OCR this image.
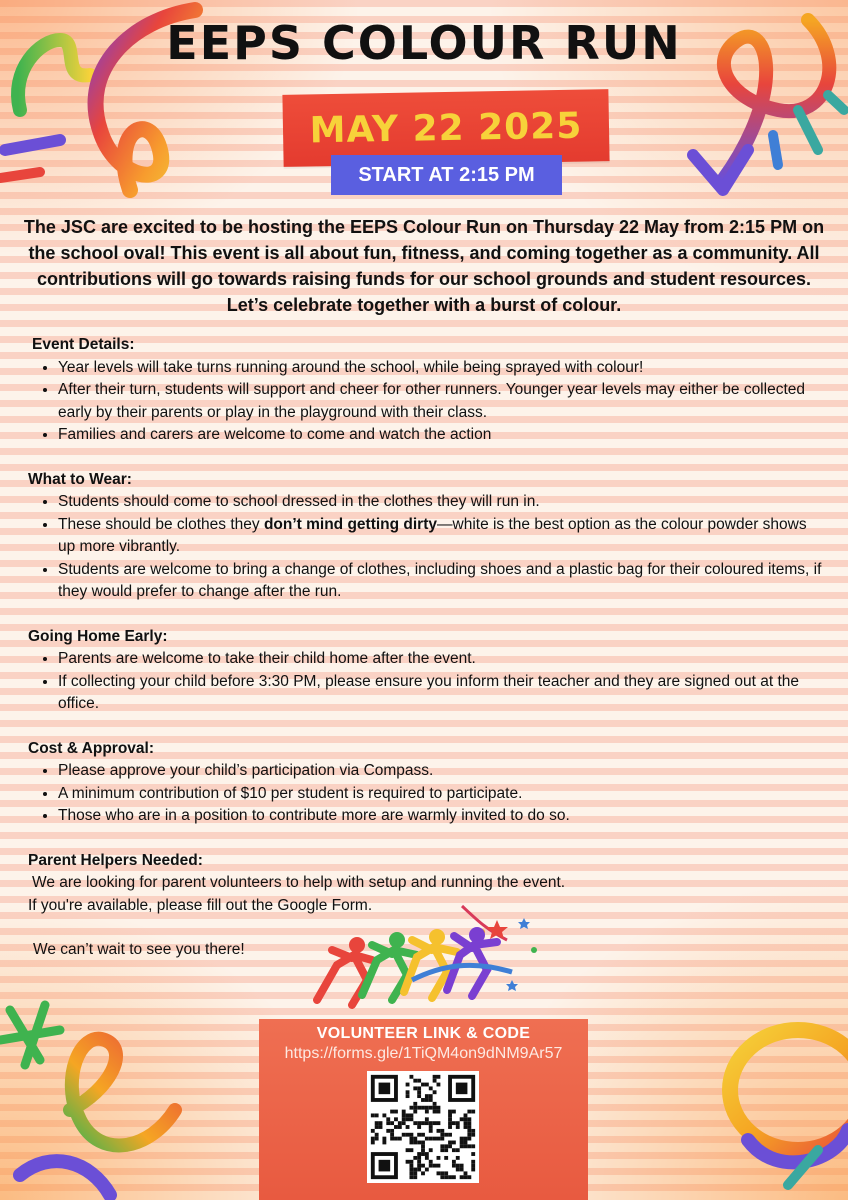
EEPS COLOUR RUN
MAY 22 2025
START AT 2:15 PM

The JSC are excited to be hosting the EEPS Colour Run on Thursday 22 May from 2:15 PM on the school oval! This event is all about fun, fitness, and coming together as a community. All contributions will go towards raising funds for our school grounds and student resources. Let’s celebrate together with a burst of colour.

Event Details:

• Year levels will take turns running around the school, while being sprayed with colour!
• After their turn, students will support and cheer for other runners. Younger year levels may either be collected early by their parents or play in the playground with their class.
• Families and carers are welcome to come and watch the action

What to Wear:

• Students should come to school dressed in the clothes they will run in.
• These should be clothes they don’t mind getting dirty—white is the best option as the colour powder shows up more vibrantly.
• Students are welcome to bring a change of clothes, including shoes and a plastic bag for their coloured items, if they would prefer to change after the run.

Going Home Early:

• Parents are welcome to take their child home after the event.
• If collecting your child before 3:30 PM, please ensure you inform their teacher and they are signed out at the office.

Cost & Approval:

• Please approve your child’s participation via Compass.
• A minimum contribution of $10 per student is required to participate.
• Those who are in a position to contribute more are warmly invited to do so.

Parent Helpers Needed:

We are looking for parent volunteers to help with setup and running the event.

If you're available, please fill out the Google Form.

We can’t wait to see you there!

VOLUNTEER LINK & CODE
https://forms.gle/1TiQM4on9dNM9Ar57
